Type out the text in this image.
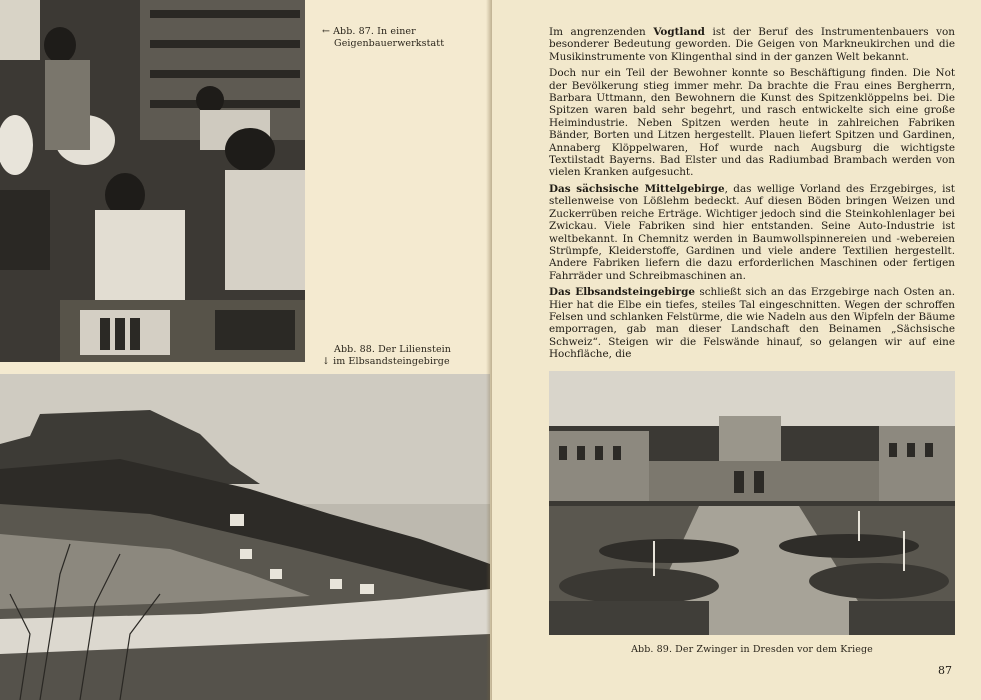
← Abb. 87. In einer
Geigenbauerwerkstatt
Abb. 88. Der Lilienstein
↓ im Elbsandsteingebirge

Im angrenzenden Vogtland ist der Beruf des Instrumentenbauers von besonderer Bedeutung geworden. Die Geigen von Markneukirchen und die Musikinstrumente von Klingenthal sind in der ganzen Welt bekannt.

Doch nur ein Teil der Bewohner konnte so Beschäftigung finden. Die Not der Bevölkerung stieg immer mehr. Da brachte die Frau eines Bergherrn, Barbara Uttmann, den Bewohnern die Kunst des Spitzenklöppelns bei. Die Spitzen waren bald sehr begehrt, und rasch entwickelte sich eine große Heimindustrie. Neben Spitzen werden heute in zahlreichen Fabriken Bänder, Borten und Litzen hergestellt. Plauen liefert Spitzen und Gardinen, Annaberg Klöppelwaren, Hof wurde nach Augsburg die wichtigste Textilstadt Bayerns. Bad Elster und das Radiumbad Brambach werden von vielen Kranken aufgesucht.

Das sächsische Mittelgebirge, das wellige Vorland des Erzgebirges, ist stellenweise von Lößlehm bedeckt. Auf diesen Böden bringen Weizen und Zuckerrüben reiche Erträge. Wichtiger jedoch sind die Steinkohlenlager bei Zwickau. Viele Fabriken sind hier entstanden. Seine Auto-Industrie ist weltbekannt. In Chemnitz werden in Baumwollspinnereien und -webereien Strümpfe, Kleiderstoffe, Gardinen und viele andere Textilien hergestellt. Andere Fabriken liefern die dazu erforderlichen Maschinen oder fertigen Fahrräder und Schreibmaschinen an.

Das Elbsandsteingebirge schließt sich an das Erzgebirge nach Osten an. Hier hat die Elbe ein tiefes, steiles Tal eingeschnitten. Wegen der schroffen Felsen und schlanken Felstürme, die wie Nadeln aus den Wipfeln der Bäume emporragen, gab man dieser Landschaft den Beinamen „Sächsische Schweiz“. Steigen wir die Felswände hinauf, so gelangen wir auf eine Hochfläche, die

Abb. 89. Der Zwinger in Dresden vor dem Kriege
87
